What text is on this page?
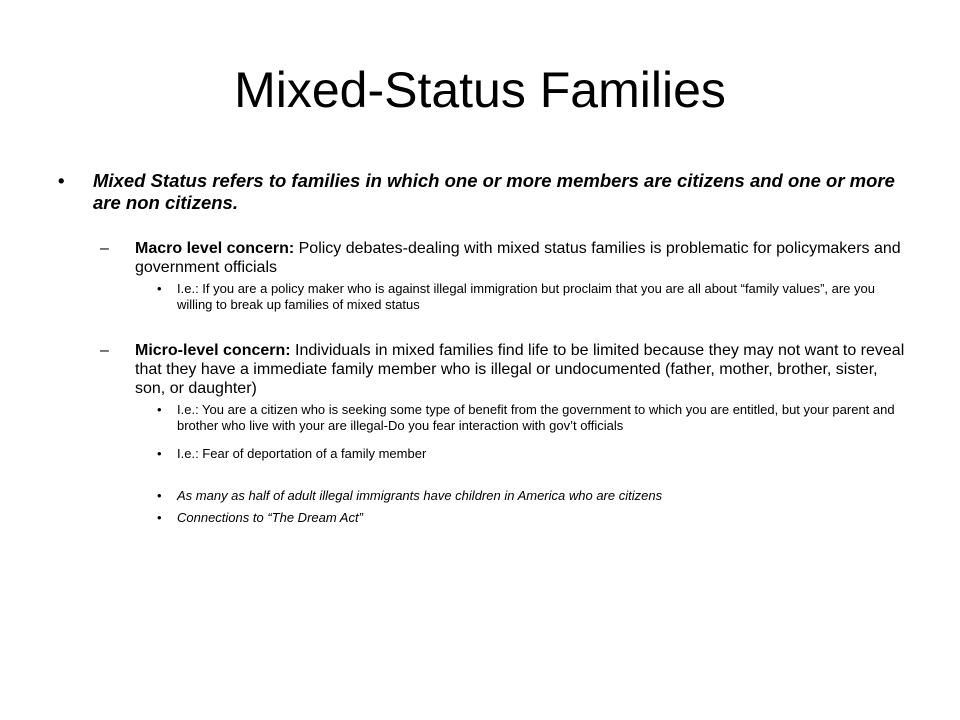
Mixed-Status Families
• Mixed Status refers to families in which one or more members are citizens and one or more are non citizens.
– Macro level concern: Policy debates-dealing with mixed status families is problematic for policymakers and government officials
• I.e.: If you are a policy maker who is against illegal immigration but proclaim that you are all about “family values”, are you willing to break up families of mixed status
– Micro-level concern: Individuals in mixed families find life to be limited because they may not want to reveal that they have a immediate family member who is illegal or undocumented (father, mother, brother, sister, son, or daughter)
• I.e.: You are a citizen who is seeking some type of benefit from the government to which you are entitled, but your parent and brother who live with your are illegal-Do you fear interaction with gov’t officials
• I.e.: Fear of deportation of a family member
• As many as half of adult illegal immigrants have children in America who are citizens
• Connections to “The Dream Act”
